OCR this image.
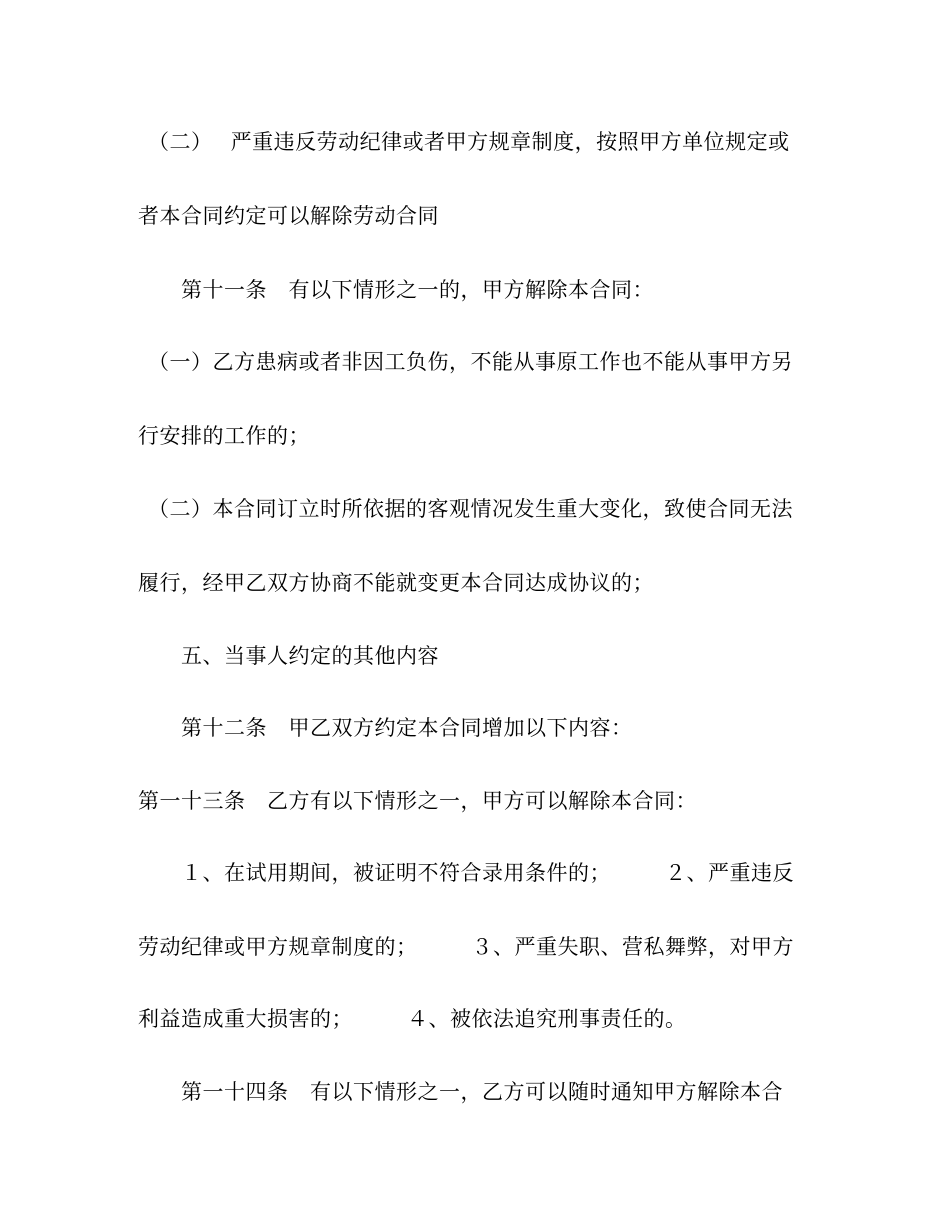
（二）　 严重违反劳动纪律或者甲方规章制度，按照甲方单位规定或
者本合同约定可以解除劳动合同
　　第十一条　有以下情形之一的，甲方解除本合同：
（一）乙方患病或者非因工负伤，不能从事原工作也不能从事甲方另
行安排的工作的；
（二）本合同订立时所依据的客观情况发生重大变化，致使合同无法
履行，经甲乙双方协商不能就变更本合同达成协议的；
　　五、当事人约定的其他内容
　　第十二条　甲乙双方约定本合同增加以下内容：
第一十三条　乙方有以下情形之一，甲方可以解除本合同：
　　１、在试用期间，被证明不符合录用条件的；　　　２、严重违反
劳动纪律或甲方规章制度的；　　　３、严重失职、营私舞弊，对甲方
利益造成重大损害的；　　　４、被依法追究刑事责任的。
　　第一十四条　有以下情形之一，乙方可以随时通知甲方解除本合
